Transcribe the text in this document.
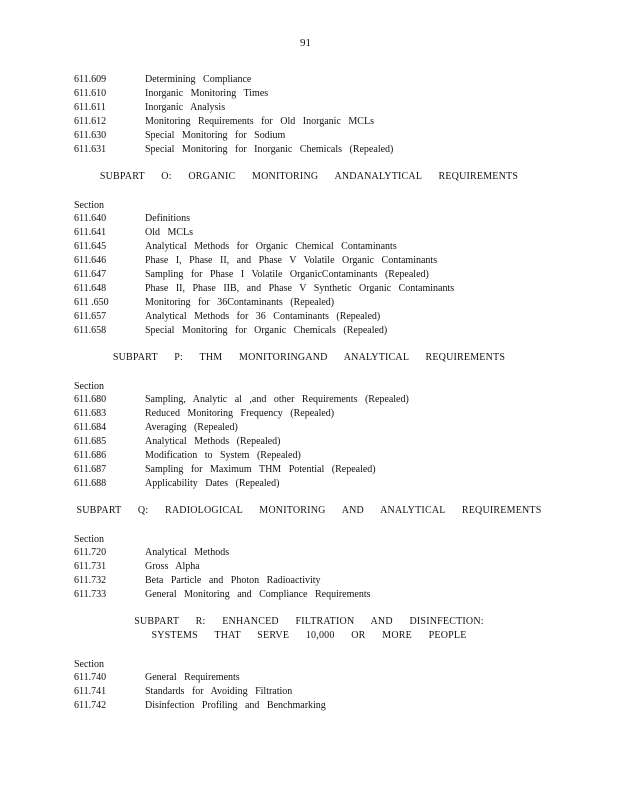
91
611.609	Determining Compliance
611.610	Inorganic Monitoring Times
611.611	Inorganic Analysis
611.612	Monitoring Requirements for Old Inorganic MCLs
611.630	Special Monitoring for Sodium
611.631	Special Monitoring for Inorganic Chemicals (Repealed)
SUBPART O: ORGANIC MONITORING ANDANALYTICAL REQUIREMENTS
Section
611.640	Definitions
611.641	Old MCLs
611.645	Analytical Methods for Organic Chemical Contaminants
611.646	Phase I, Phase II, and Phase V Volatile Organic Contaminants
611.647	Sampling for Phase I Volatile OrganicContaminants (Repealed)
611.648	Phase II, Phase IIB, and Phase V Synthetic Organic Contaminants
611 .650	Monitoring for 36Contaminants (Repealed)
611.657	Analytical Methods for 36 Contaminants (Repealed)
611.658	Special Monitoring for Organic Chemicals (Repealed)
SUBPART P: THM MONITORINGAND ANALYTICAL REQUIREMENTS
Section
611.680	Sampling, Analytic al ,and other Requirements (Repealed)
611.683	Reduced Monitoring Frequency (Repealed)
611.684	Averaging (Repealed)
611.685	Analytical Methods (Repealed)
611.686	Modification to System (Repealed)
611.687	Sampling for Maximum THM Potential (Repealed)
611.688	Applicability Dates (Repealed)
SUBPART Q: RADIOLOGICAL MONITORING AND ANALYTICAL REQUIREMENTS
Section
611.720	Analytical Methods
611.731	Gross Alpha
611.732	Beta Particle and Photon Radioactivity
611.733	General Monitoring and Compliance Requirements
SUBPART R: ENHANCED FILTRATION AND DISINFECTION:
SYSTEMS THAT SERVE 10,000 OR MORE PEOPLE
Section
611.740	General Requirements
611.741	Standards for Avoiding Filtration
611.742	Disinfection Profiling and Benchmarking
